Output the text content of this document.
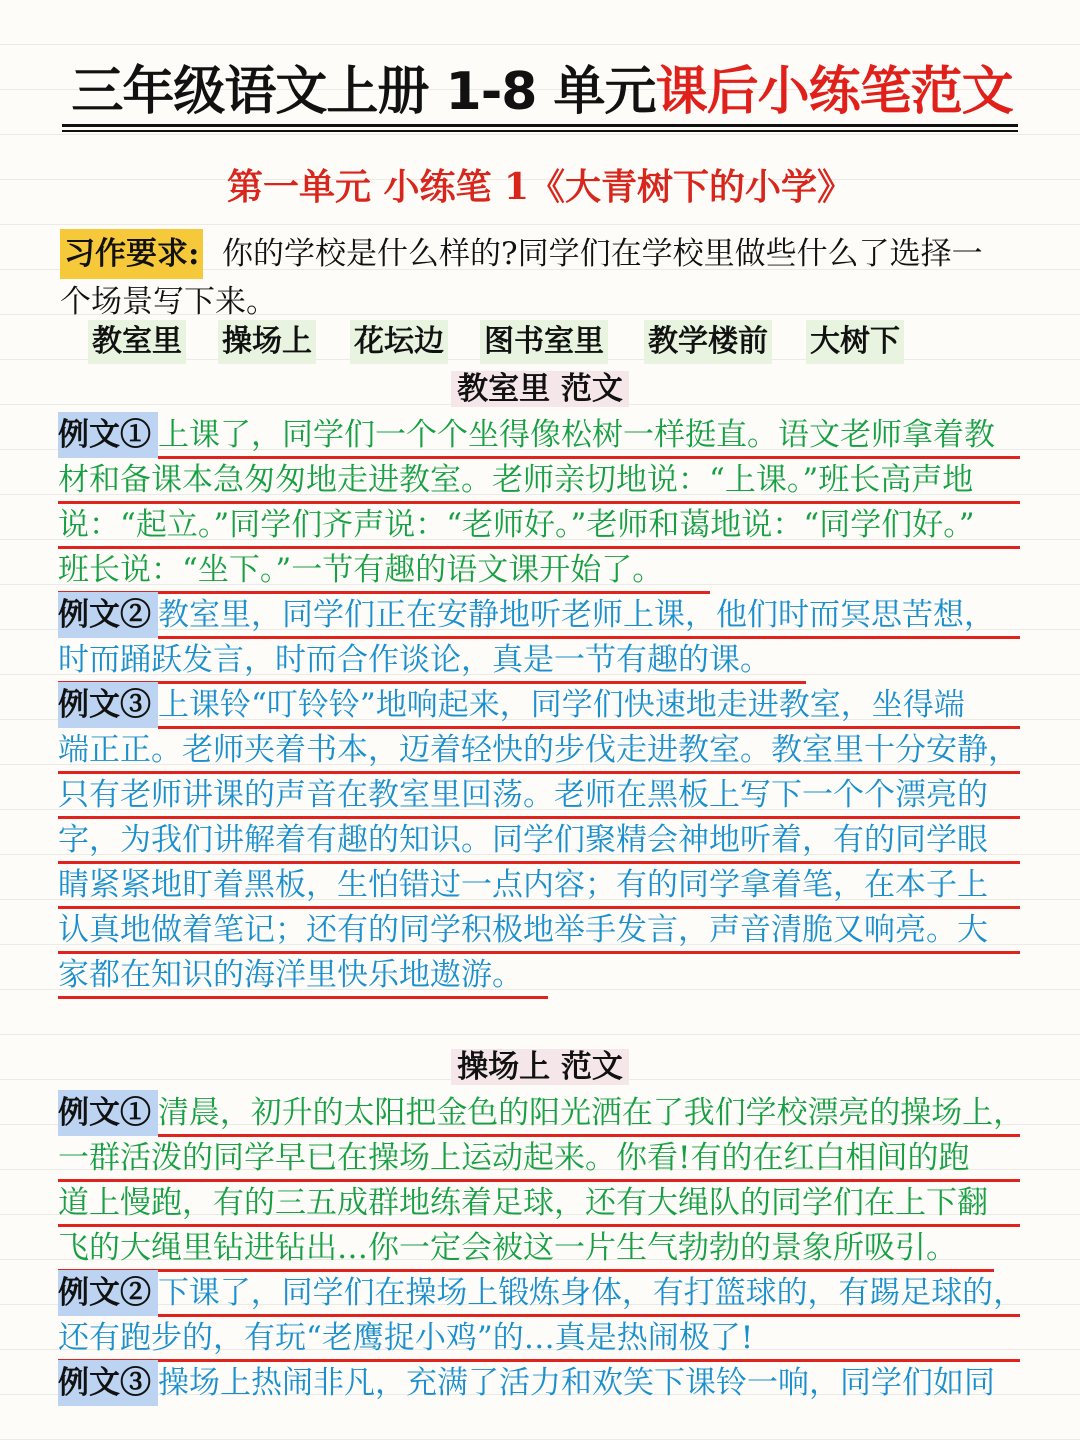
三年级语文上册 1-8 单元课后小练笔范文
第一单元 小练笔 1《大青树下的小学》
习作要求: 你的学校是什么样的?同学们在学校里做些什么了选择一
个场景写下来。
教室里 操场上 花坛边 图书室里 教学楼前 大树下
教室里 范文
例文① 上课了，同学们一个个坐得像松树一样挺直。语文老师拿着教
材和备课本急匆匆地走进教室。老师亲切地说：“上课。”班长高声地
说：“起立。”同学们齐声说：“老师好。”老师和蔼地说：“同学们好。”
班长说：“坐下。”一节有趣的语文课开始了。
例文② 教室里，同学们正在安静地听老师上课，他们时而冥思苦想，
时而踊跃发言，时而合作谈论，真是一节有趣的课。
例文③ 上课铃“叮铃铃”地响起来，同学们快速地走进教室，坐得端
端正正。老师夹着书本，迈着轻快的步伐走进教室。教室里十分安静，
只有老师讲课的声音在教室里回荡。老师在黑板上写下一个个漂亮的
字，为我们讲解着有趣的知识。同学们聚精会神地听着，有的同学眼
睛紧紧地盯着黑板，生怕错过一点内容；有的同学拿着笔，在本子上
认真地做着笔记；还有的同学积极地举手发言，声音清脆又响亮。大
家都在知识的海洋里快乐地遨游。
操场上 范文
例文① 清晨，初升的太阳把金色的阳光洒在了我们学校漂亮的操场上，
一群活泼的同学早已在操场上运动起来。你看!有的在红白相间的跑
道上慢跑，有的三五成群地练着足球，还有大绳队的同学们在上下翻
飞的大绳里钻进钻出…你一定会被这一片生气勃勃的景象所吸引。
例文② 下课了，同学们在操场上锻炼身体，有打篮球的，有踢足球的，
还有跑步的，有玩“老鹰捉小鸡”的…真是热闹极了!
例文③ 操场上热闹非凡，充满了活力和欢笑下课铃一响，同学们如同
